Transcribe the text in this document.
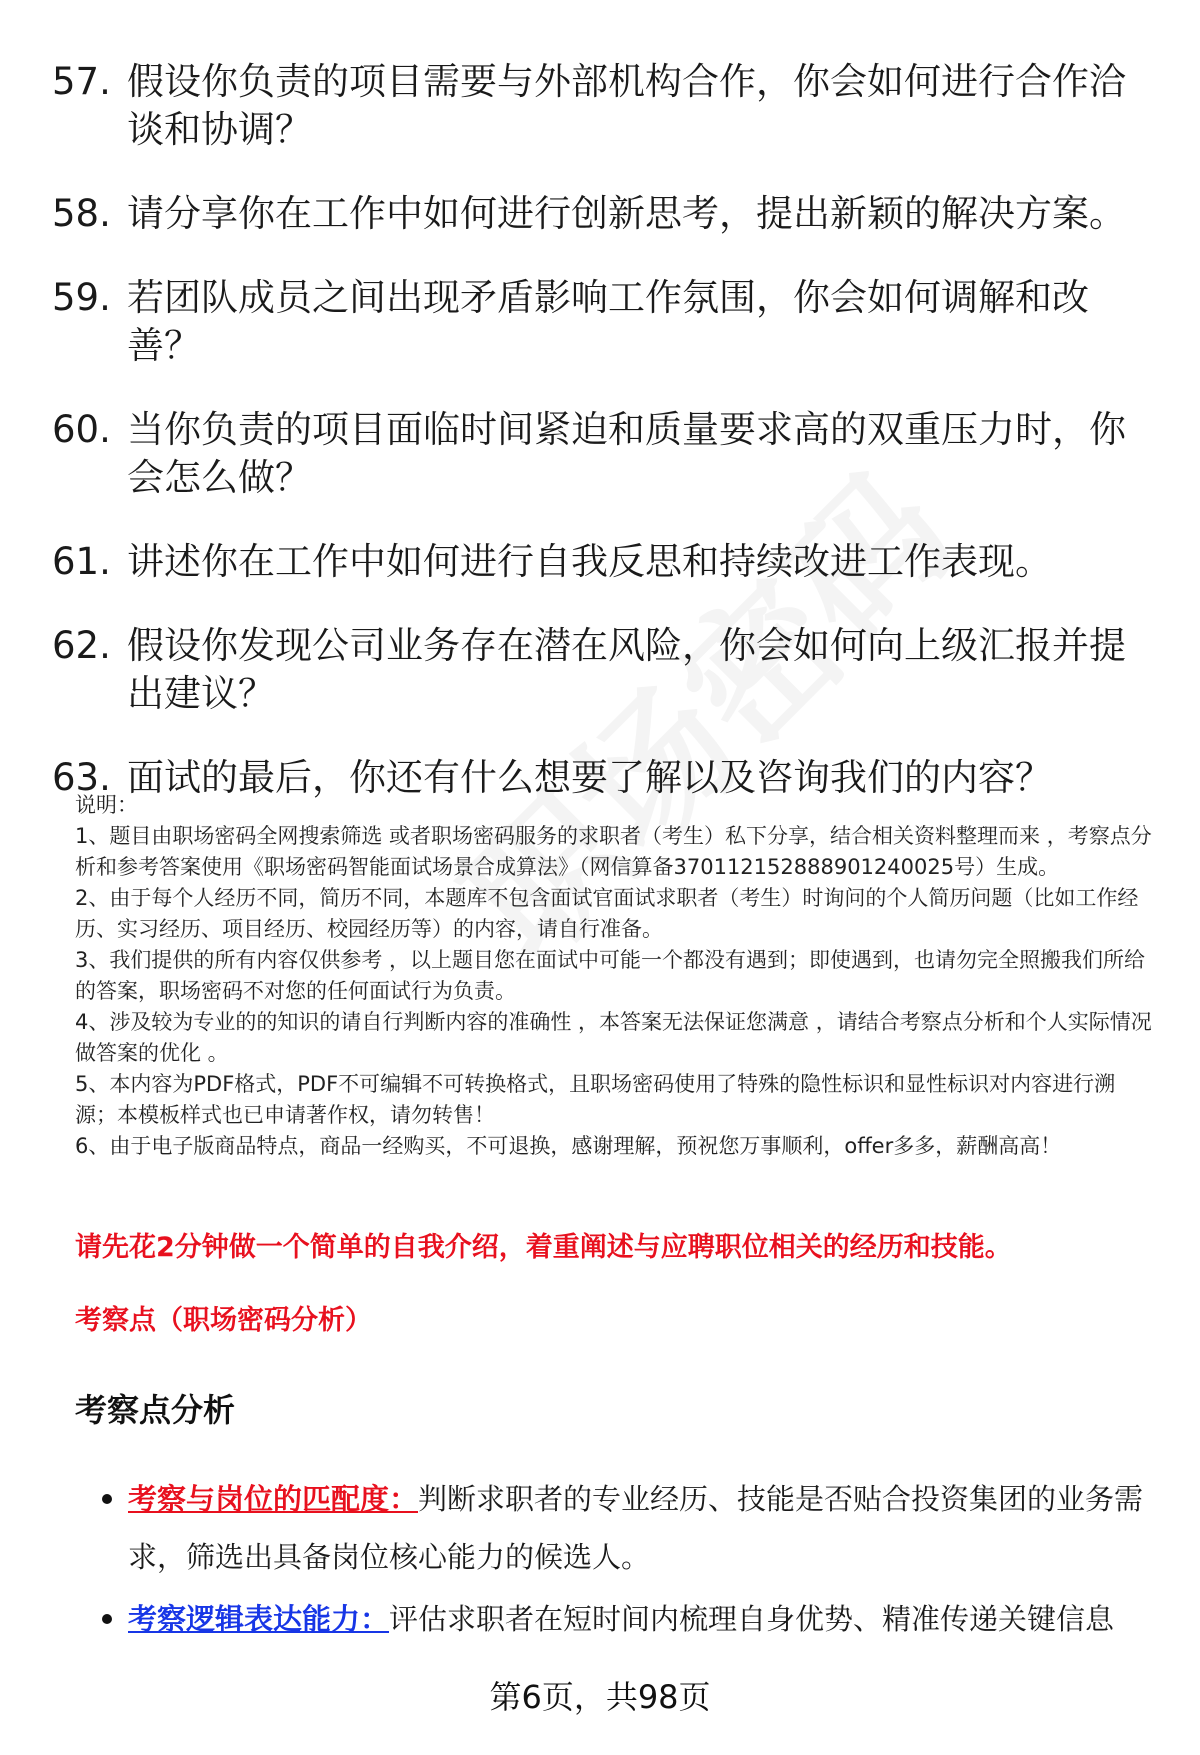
57. 假设你负责的项目需要与外部机构合作，你会如何进行合作洽谈和协调？
58. 请分享你在工作中如何进行创新思考，提出新颖的解决方案。
59. 若团队成员之间出现矛盾影响工作氛围，你会如何调解和改善？
60. 当你负责的项目面临时间紧迫和质量要求高的双重压力时，你会怎么做？
61. 讲述你在工作中如何进行自我反思和持续改进工作表现。
62. 假设你发现公司业务存在潜在风险，你会如何向上级汇报并提出建议？
63. 面试的最后，你还有什么想要了解以及咨询我们的内容？

说明：

1、题目由职场密码全网搜索筛选 或者职场密码服务的求职者（考生）私下分享，结合相关资料整理而来 ，考察点分析和参考答案使用《职场密码智能面试场景合成算法》（网信算备370112152888901240025号）生成。

2、由于每个人经历不同，简历不同，本题库不包含面试官面试求职者（考生）时询问的个人简历问题（比如工作经历、实习经历、项目经历、校园经历等）的内容，请自行准备。

3、我们提供的所有内容仅供参考 ，以上题目您在面试中可能一个都没有遇到；即使遇到，也请勿完全照搬我们所给的答案，职场密码不对您的任何面试行为负责。

4、涉及较为专业的的知识的请自行判断内容的准确性 ，本答案无法保证您满意 ，请结合考察点分析和个人实际情况做答案的优化 。

5、本内容为PDF格式，PDF不可编辑不可转换格式，且职场密码使用了特殊的隐性标识和显性标识对内容进行溯源；本模板样式也已申请著作权，请勿转售！

6、由于电子版商品特点，商品一经购买，不可退换，感谢理解，预祝您万事顺利，offer多多，薪酬高高！

请先花2分钟做一个简单的自我介绍，着重阐述与应聘职位相关的经历和技能。
考察点（职场密码分析）
考察点分析
考察与岗位的匹配度：判断求职者的专业经历、技能是否贴合投资集团的业务需求，筛选出具备岗位核心能力的候选人。
考察逻辑表达能力：评估求职者在短时间内梳理自身优势、精准传递关键信息
第6页，共98页
